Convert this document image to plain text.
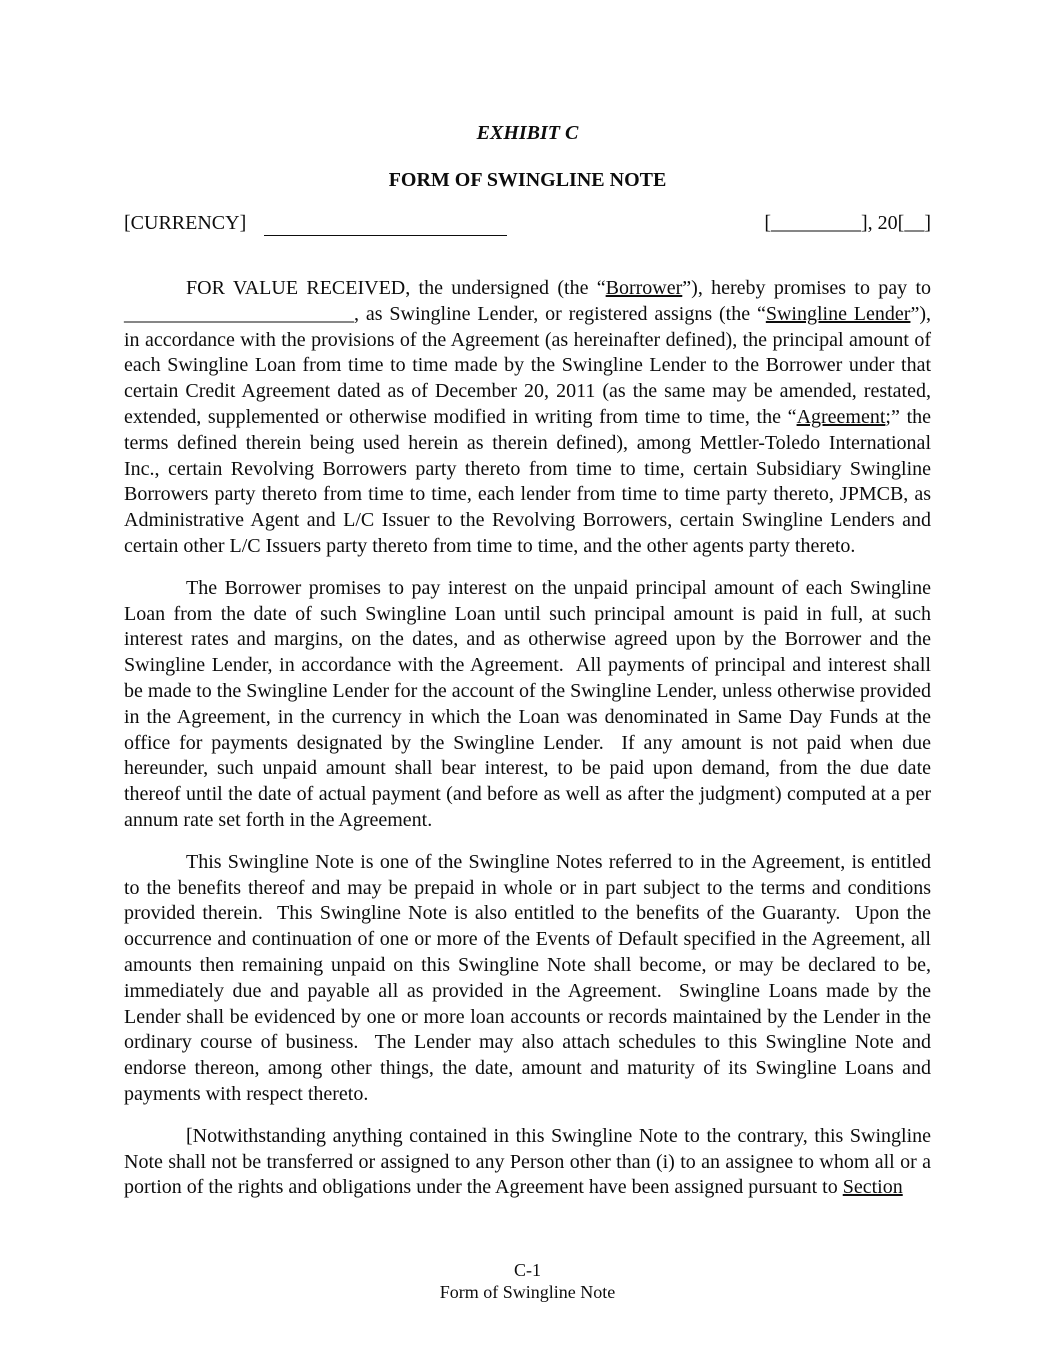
EXHIBIT C
FORM OF SWINGLINE NOTE
[CURRENCY]	[_________], 20[__]

FOR VALUE RECEIVED, the undersigned (the “Borrower”), hereby promises to pay to _______________________, as Swingline Lender, or registered assigns (the “Swingline Lender”), in accordance with the provisions of the Agreement (as hereinafter defined), the principal amount of each Swingline Loan from time to time made by the Swingline Lender to the Borrower under that certain Credit Agreement dated as of December 20, 2011 (as the same may be amended, restated, extended, supplemented or otherwise modified in writing from time to time, the “Agreement;” the terms defined therein being used herein as therein defined), among Mettler-Toledo International Inc., certain Revolving Borrowers party thereto from time to time, certain Subsidiary Swingline Borrowers party thereto from time to time, each lender from time to time party thereto, JPMCB, as Administrative Agent and L/C Issuer to the Revolving Borrowers, certain Swingline Lenders and certain other L/C Issuers party thereto from time to time, and the other agents party thereto.

The Borrower promises to pay interest on the unpaid principal amount of each Swingline Loan from the date of such Swingline Loan until such principal amount is paid in full, at such interest rates and margins, on the dates, and as otherwise agreed upon by the Borrower and the Swingline Lender, in accordance with the Agreement.  All payments of principal and interest shall be made to the Swingline Lender for the account of the Swingline Lender, unless otherwise provided in the Agreement, in the currency in which the Loan was denominated in Same Day Funds at the office for payments designated by the Swingline Lender.  If any amount is not paid when due hereunder, such unpaid amount shall bear interest, to be paid upon demand, from the due date thereof until the date of actual payment (and before as well as after the judgment) computed at a per annum rate set forth in the Agreement.

This Swingline Note is one of the Swingline Notes referred to in the Agreement, is entitled to the benefits thereof and may be prepaid in whole or in part subject to the terms and conditions provided therein.  This Swingline Note is also entitled to the benefits of the Guaranty.  Upon the occurrence and continuation of one or more of the Events of Default specified in the Agreement, all amounts then remaining unpaid on this Swingline Note shall become, or may be declared to be, immediately due and payable all as provided in the Agreement.  Swingline Loans made by the Lender shall be evidenced by one or more loan accounts or records maintained by the Lender in the ordinary course of business.  The Lender may also attach schedules to this Swingline Note and endorse thereon, among other things, the date, amount and maturity of its Swingline Loans and payments with respect thereto.

[Notwithstanding anything contained in this Swingline Note to the contrary, this Swingline Note shall not be transferred or assigned to any Person other than (i) to an assignee to whom all or a portion of the rights and obligations under the Agreement have been assigned pursuant to Section

C-1
Form of Swingline Note
